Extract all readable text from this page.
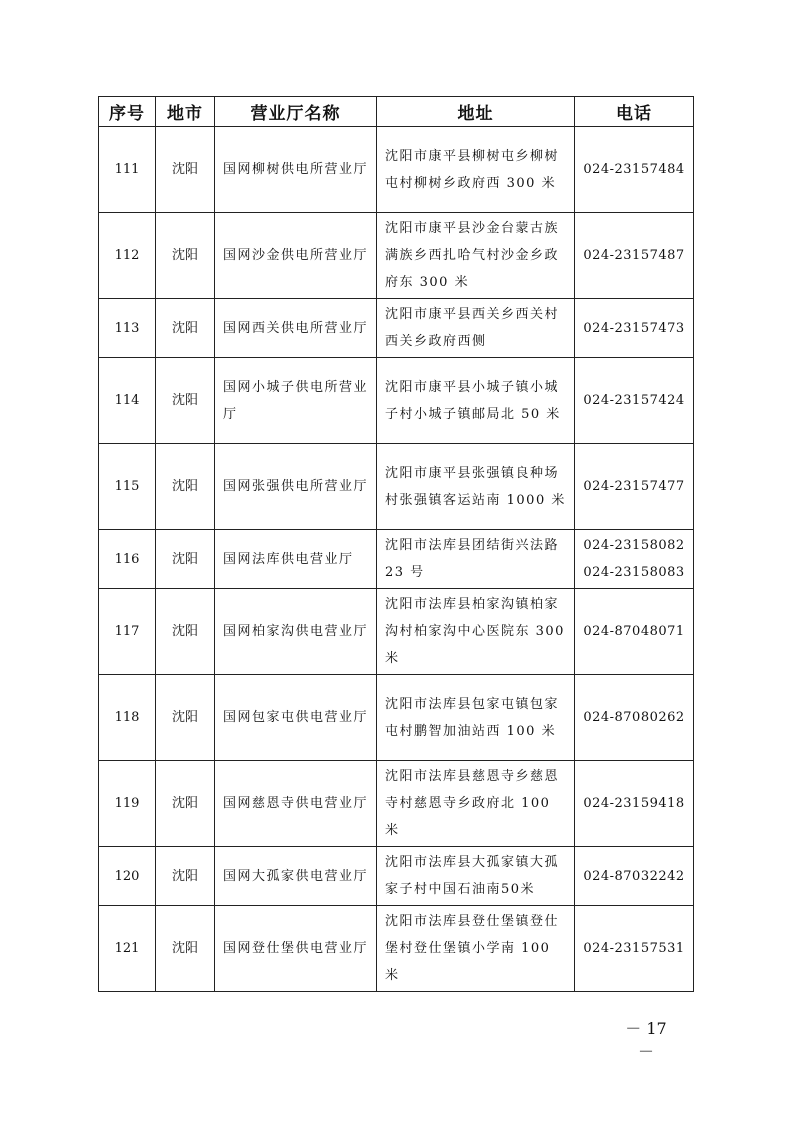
序号	地市	营业厅名称	地址	电话
111	沈阳	国网柳树供电所营业厅	沈阳市康平县柳树屯乡柳树屯村柳树乡政府西 300 米	024-23157484

112	沈阳	国网沙金供电所营业厅	沈阳市康平县沙金台蒙古族满族乡西扎哈气村沙金乡政府东 300 米	024-23157487

113	沈阳	国网西关供电所营业厅	沈阳市康平县西关乡西关村西关乡政府西侧	024-23157473

114	沈阳	国网小城子供电所营业厅	沈阳市康平县小城子镇小城子村小城子镇邮局北 50 米	024-23157424

115	沈阳	国网张强供电所营业厅	沈阳市康平县张强镇良种场村张强镇客运站南 1000 米	024-23157477

116	沈阳	国网法库供电营业厅	沈阳市法库县团结街兴法路 23 号	024-23158082
024-23158083

117	沈阳	国网柏家沟供电营业厅	沈阳市法库县柏家沟镇柏家沟村柏家沟中心医院东 300 米	024-87048071

118	沈阳	国网包家屯供电营业厅	沈阳市法库县包家屯镇包家屯村鹏智加油站西 100 米	024-87080262

119	沈阳	国网慈恩寺供电营业厅	沈阳市法库县慈恩寺乡慈恩寺村慈恩寺乡政府北 100 米	024-23159418

120	沈阳	国网大孤家供电营业厅	沈阳市法库县大孤家镇大孤家子村中国石油南50米	024-87032242

121	沈阳	国网登仕堡供电营业厅	沈阳市法库县登仕堡镇登仕堡村登仕堡镇小学南 100 米	024-23157531
－ 17 －
